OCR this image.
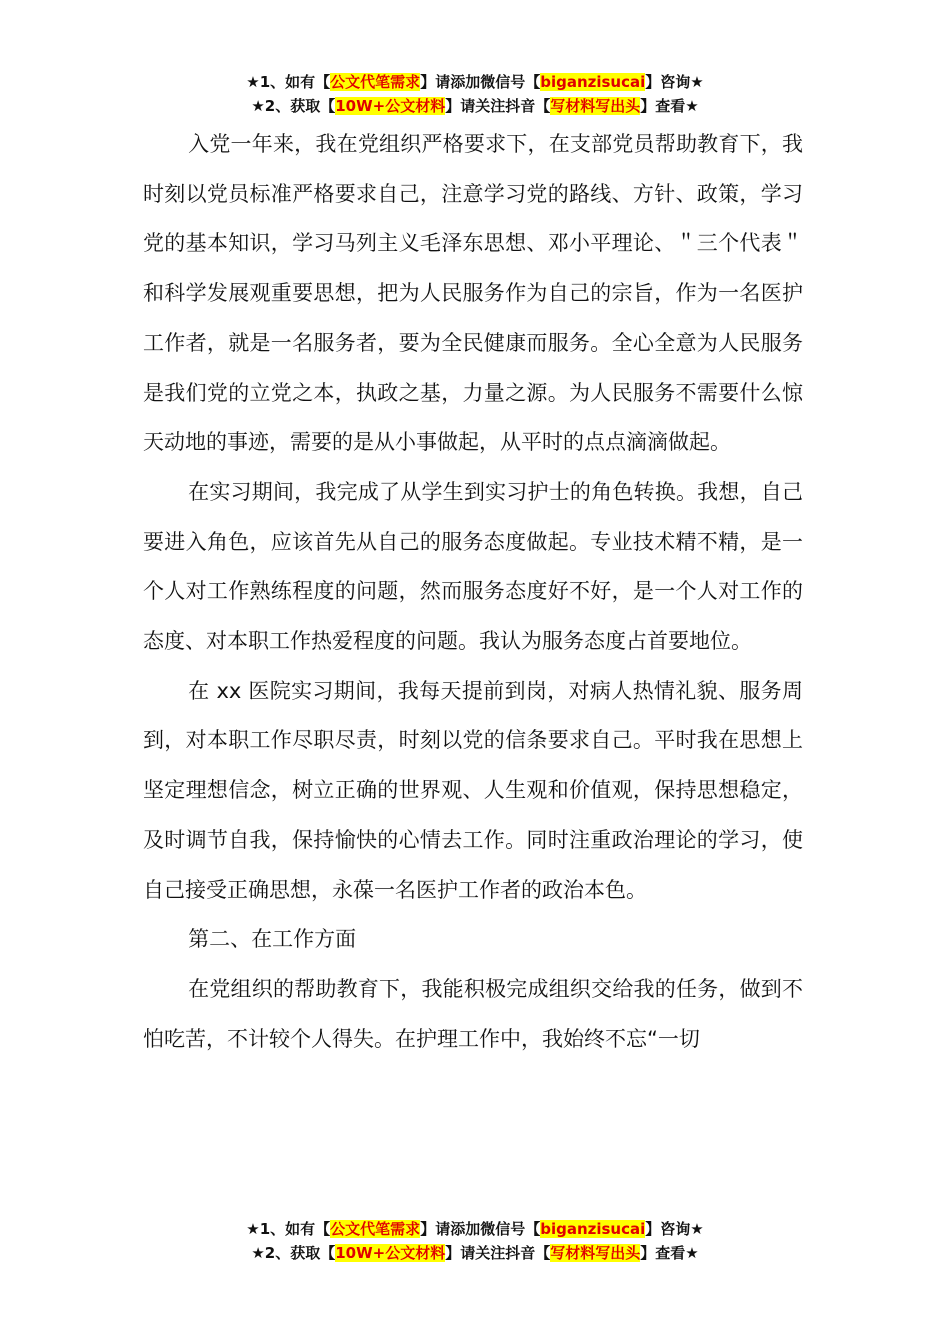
★1、如有【公文代笔需求】请添加微信号【biganzisucai】咨询★
★2、获取【10W+公文材料】请关注抖音【写材料写出头】查看★

入党一年来，我在党组织严格要求下，在支部党员帮助教育下，我时刻以党员标准严格要求自己，注意学习党的路线、方针、政策，学习党的基本知识，学习马列主义毛泽东思想、邓小平理论、＂三个代表＂和科学发展观重要思想，把为人民服务作为自己的宗旨，作为一名医护工作者，就是一名服务者，要为全民健康而服务。全心全意为人民服务是我们党的立党之本，执政之基，力量之源。为人民服务不需要什么惊天动地的事迹，需要的是从小事做起，从平时的点点滴滴做起。

在实习期间，我完成了从学生到实习护士的角色转换。我想，自己要进入角色，应该首先从自己的服务态度做起。专业技术精不精，是一个人对工作熟练程度的问题，然而服务态度好不好，是一个人对工作的态度、对本职工作热爱程度的问题。我认为服务态度占首要地位。

在 xx 医院实习期间，我每天提前到岗，对病人热情礼貌、服务周到，对本职工作尽职尽责，时刻以党的信条要求自己。平时我在思想上坚定理想信念，树立正确的世界观、人生观和价值观，保持思想稳定，及时调节自我，保持愉快的心情去工作。同时注重政治理论的学习，使自己接受正确思想，永葆一名医护工作者的政治本色。

第二、在工作方面

在党组织的帮助教育下，我能积极完成组织交给我的任务，做到不怕吃苦，不计较个人得失。在护理工作中，我始终不忘“一切

★1、如有【公文代笔需求】请添加微信号【biganzisucai】咨询★
★2、获取【10W+公文材料】请关注抖音【写材料写出头】查看★
